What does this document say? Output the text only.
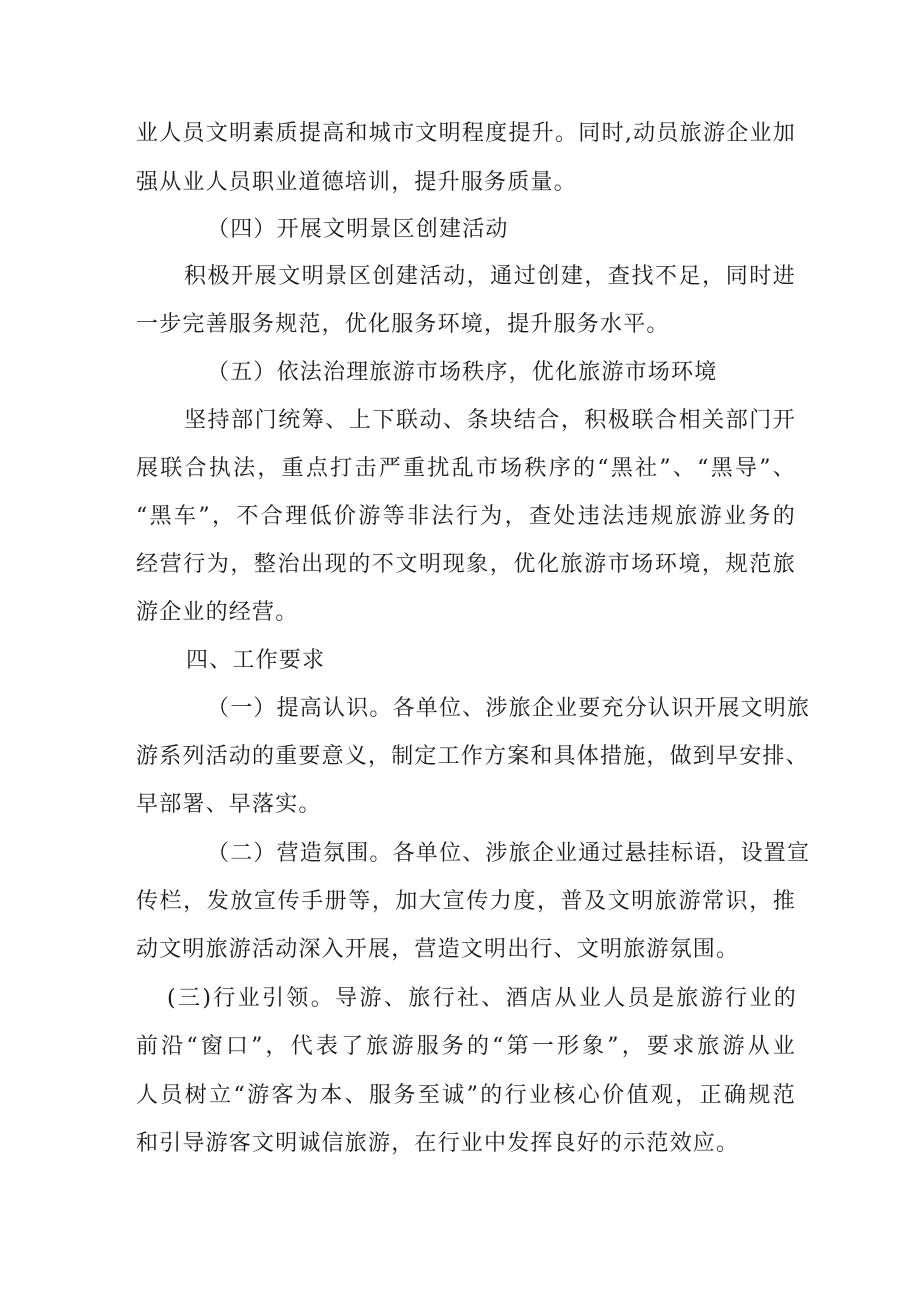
业人员文明素质提高和城市文明程度提升。同时,动员旅游企业加
强从业人员职业道德培训，提升服务质量。
（四）开展文明景区创建活动
积极开展文明景区创建活动，通过创建，查找不足，同时进
一步完善服务规范，优化服务环境，提升服务水平。
（五）依法治理旅游市场秩序，优化旅游市场环境
坚持部门统筹、上下联动、条块结合，积极联合相关部门开
展联合执法，重点打击严重扰乱市场秩序的“黑社”、“黑导”、
“黑车”，不合理低价游等非法行为，查处违法违规旅游业务的
经营行为，整治出现的不文明现象，优化旅游市场环境，规范旅
游企业的经营。
四、工作要求
（一）提高认识。各单位、涉旅企业要充分认识开展文明旅
游系列活动的重要意义，制定工作方案和具体措施，做到早安排、
早部署、早落实。
（二）营造氛围。各单位、涉旅企业通过悬挂标语，设置宣
传栏，发放宣传手册等，加大宣传力度，普及文明旅游常识，推
动文明旅游活动深入开展，营造文明出行、文明旅游氛围。
(三)行业引领。导游、旅行社、酒店从业人员是旅游行业的
前沿“窗口”，代表了旅游服务的“第一形象”，要求旅游从业
人员树立“游客为本、服务至诚”的行业核心价值观，正确规范
和引导游客文明诚信旅游，在行业中发挥良好的示范效应。
